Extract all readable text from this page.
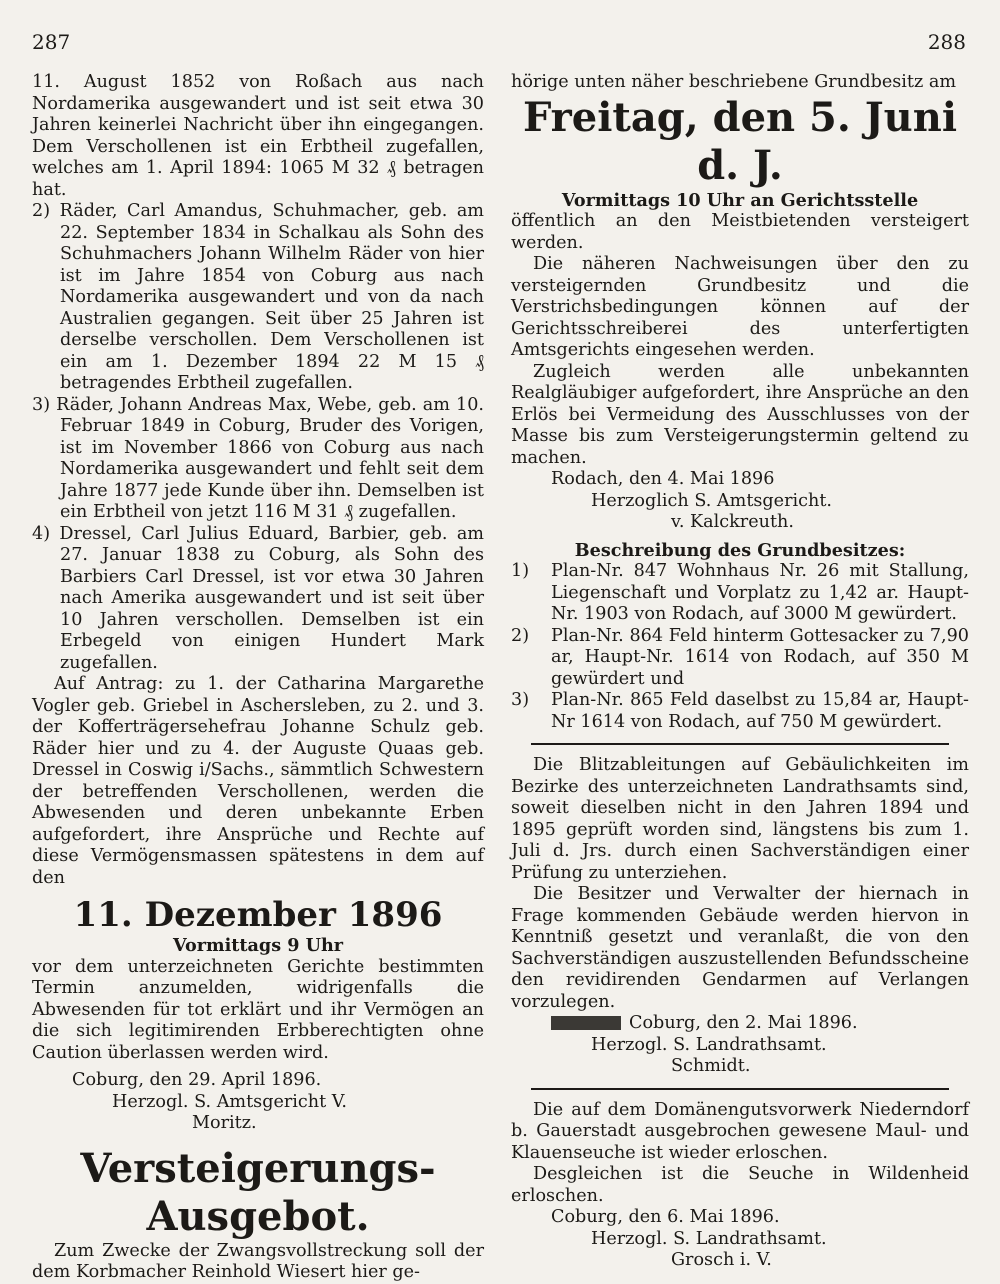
287	288

11. August 1852 von Roßach aus nach Nordamerika ausgewandert und ist seit etwa 30 Jahren keinerlei Nachricht über ihn eingegangen. Dem Verschollenen ist ein Erbtheil zugefallen, welches am 1. April 1894: 1065 M 32 ₰ betragen hat.

2) Räder, Carl Amandus, Schuhmacher, geb. am 22. September 1834 in Schalkau als Sohn des Schuhmachers Johann Wilhelm Räder von hier ist im Jahre 1854 von Coburg aus nach Nordamerika ausgewandert und von da nach Australien gegangen. Seit über 25 Jahren ist derselbe verschollen. Dem Verschollenen ist ein am 1. Dezember 1894 22 M 15 ₰ betragendes Erbtheil zugefallen.

3) Räder, Johann Andreas Max, Webe, geb. am 10. Februar 1849 in Coburg, Bruder des Vorigen, ist im November 1866 von Coburg aus nach Nordamerika ausgewandert und fehlt seit dem Jahre 1877 jede Kunde über ihn. Demselben ist ein Erbtheil von jetzt 116 M 31 ₰ zugefallen.

4) Dressel, Carl Julius Eduard, Barbier, geb. am 27. Januar 1838 zu Coburg, als Sohn des Barbiers Carl Dressel, ist vor etwa 30 Jahren nach Amerika ausgewandert und ist seit über 10 Jahren verschollen. Demselben ist ein Erbegeld von einigen Hundert Mark zugefallen.

Auf Antrag: zu 1. der Catharina Margarethe Vogler geb. Griebel in Aschersleben, zu 2. und 3. der Kofferträgersehefrau Johanne Schulz geb. Räder hier und zu 4. der Auguste Quaas geb. Dressel in Coswig i/Sachs., sämmtlich Schwestern der betreffenden Verschollenen, werden die Abwesenden und deren unbekannte Erben aufgefordert, ihre Ansprüche und Rechte auf diese Vermögensmassen spätestens in dem auf den

11. Dezember 1896

Vormittags 9 Uhr

vor dem unterzeichneten Gerichte bestimmten Termin anzumelden, widrigenfalls die Abwesenden für tot erklärt und ihr Vermögen an die sich legitimirenden Erbberechtigten ohne Caution überlassen werden wird.

Coburg, den 29. April 1896.

Herzogl. S. Amtsgericht V.

Moritz.

Versteigerungs-Ausgebot.

Zum Zwecke der Zwangsvollstreckung soll der dem Korbmacher Reinhold Wiesert hier ge-

hörige unten näher beschriebene Grundbesitz am

Freitag, den 5. Juni d. J.

Vormittags 10 Uhr an Gerichtsstelle

öffentlich an den Meistbietenden versteigert werden.

Die näheren Nachweisungen über den zu versteigernden Grundbesitz und die Verstrichsbedingungen können auf der Gerichtsschreiberei des unterfertigten Amtsgerichts eingesehen werden.

Zugleich werden alle unbekannten Realgläubiger aufgefordert, ihre Ansprüche an den Erlös bei Vermeidung des Ausschlusses von der Masse bis zum Versteigerungstermin geltend zu machen.

Rodach, den 4. Mai 1896

Herzoglich S. Amtsgericht.

v. Kalckreuth.

Beschreibung des Grundbesitzes:

1)	Plan-Nr. 847 Wohnhaus Nr. 26 mit Stallung, Liegenschaft und Vorplatz zu 1,42 ar. Haupt-Nr. 1903 von Rodach, auf 3000 M gewürdert.
2)	Plan-Nr. 864 Feld hinterm Gottesacker zu 7,90 ar, Haupt-Nr. 1614 von Rodach, auf 350 M gewürdert und
3)	Plan-Nr. 865 Feld daselbst zu 15,84 ar, Haupt-Nr 1614 von Rodach, auf 750 M gewürdert.

Die Blitzableitungen auf Gebäulichkeiten im Bezirke des unterzeichneten Landrathsamts sind, soweit dieselben nicht in den Jahren 1894 und 1895 geprüft worden sind, längstens bis zum 1. Juli d. Jrs. durch einen Sachverständigen einer Prüfung zu unterziehen.

Die Besitzer und Verwalter der hiernach in Frage kommenden Gebäude werden hiervon in Kenntniß gesetzt und veranlaßt, die von den Sachverständigen auszustellenden Befundsscheine den revidirenden Gendarmen auf Verlangen vorzulegen.

Coburg, den 2. Mai 1896.

Herzogl. S. Landrathsamt.

Schmidt.

Die auf dem Domänengutsvorwerk Niederndorf b. Gauerstadt ausgebrochen gewesene Maul- und Klauenseuche ist wieder erloschen.

Desgleichen ist die Seuche in Wildenheid erloschen.

Coburg, den 6. Mai 1896.

Herzogl. S. Landrathsamt.

Grosch i. V.
